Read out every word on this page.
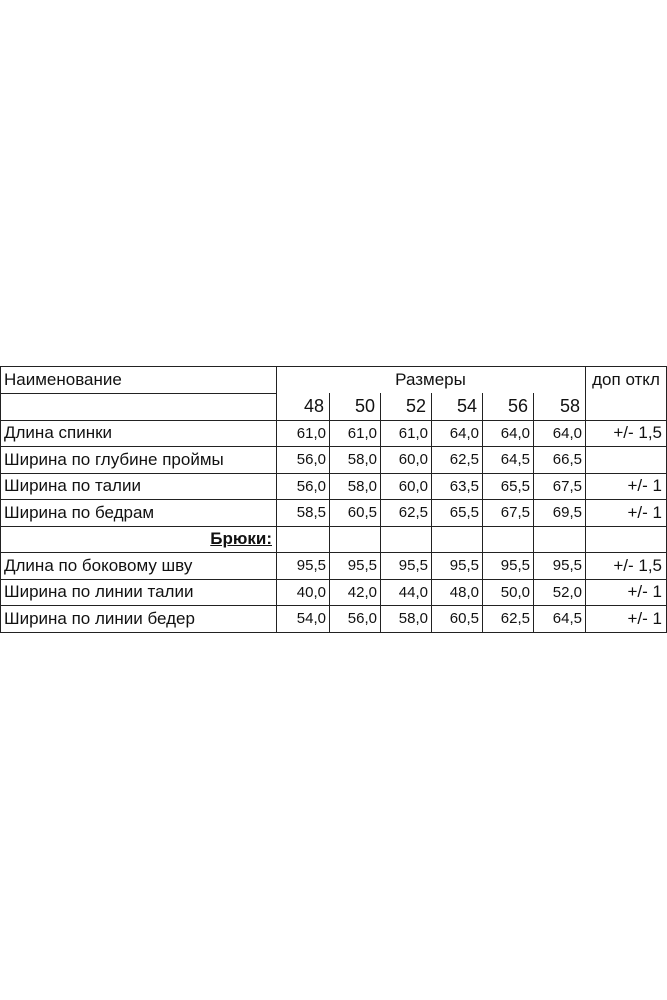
Наименование	Размеры	доп откл
48	50	52	54	56	58
Длина спинки	61,0	61,0	61,0	64,0	64,0	64,0	+/- 1,5
Ширина по глубине проймы	56,0	58,0	60,0	62,5	64,5	66,5
Ширина по талии	56,0	58,0	60,0	63,5	65,5	67,5	+/- 1
Ширина по бедрам	58,5	60,5	62,5	65,5	67,5	69,5	+/- 1
Брюки:
Длина по боковому шву	95,5	95,5	95,5	95,5	95,5	95,5	+/- 1,5
Ширина по линии талии	40,0	42,0	44,0	48,0	50,0	52,0	+/- 1
Ширина по линии бедер	54,0	56,0	58,0	60,5	62,5	64,5	+/- 1
